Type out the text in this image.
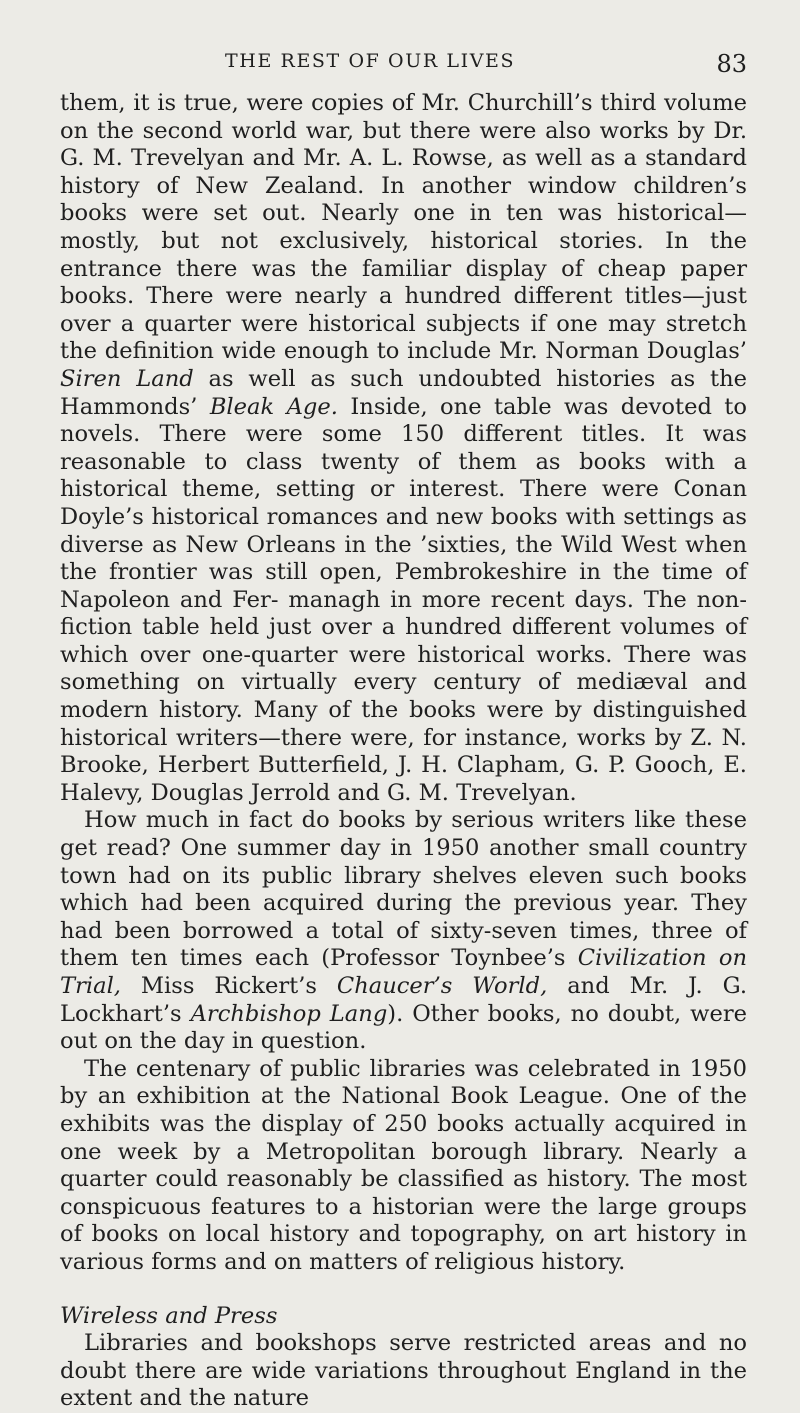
THE REST OF OUR LIVES	83

them, it is true, were copies of Mr. Churchill’s third volume on the second world war, but there were also works by Dr. G. M. Trevelyan and Mr. A. L. Rowse, as well as a standard history of New Zealand. In another window children’s books were set out. Nearly one in ten was historical—mostly, but not exclusively, historical stories. In the entrance there was the familiar display of cheap paper books. There were nearly a hundred different titles—just over a quarter were historical subjects if one may stretch the definition wide enough to include Mr. Norman Douglas’ Siren Land as well as such undoubted histories as the Hammonds’ Bleak Age. Inside, one table was devoted to novels. There were some 150 different titles. It was reasonable to class twenty of them as books with a historical theme, setting or interest. There were Conan Doyle’s historical romances and new books with settings as diverse as New Orleans in the ’sixties, the Wild West when the frontier was still open, Pembrokeshire in the time of Napoleon and Fer- managh in more recent days. The non-fiction table held just over a hundred different volumes of which over one-quarter were historical works. There was something on virtually every century of mediæval and modern history. Many of the books were by distinguished historical writers—there were, for instance, works by Z. N. Brooke, Herbert Butterfield, J. H. Clapham, G. P. Gooch, E. Halevy, Douglas Jerrold and G. M. Trevelyan.

How much in fact do books by serious writers like these get read? One summer day in 1950 another small country town had on its public library shelves eleven such books which had been acquired during the previous year. They had been borrowed a total of sixty-seven times, three of them ten times each (Professor Toynbee’s Civilization on Trial, Miss Rickert’s Chaucer’s World, and Mr. J. G. Lockhart’s Archbishop Lang). Other books, no doubt, were out on the day in question.

The centenary of public libraries was celebrated in 1950 by an exhibition at the National Book League. One of the exhibits was the display of 250 books actually acquired in one week by a Metropolitan borough library. Nearly a quarter could reasonably be classified as history. The most conspicuous features to a historian were the large groups of books on local history and topography, on art history in various forms and on matters of religious history.

Wireless and Press

Libraries and bookshops serve restricted areas and no doubt there are wide variations throughout England in the extent and the nature
